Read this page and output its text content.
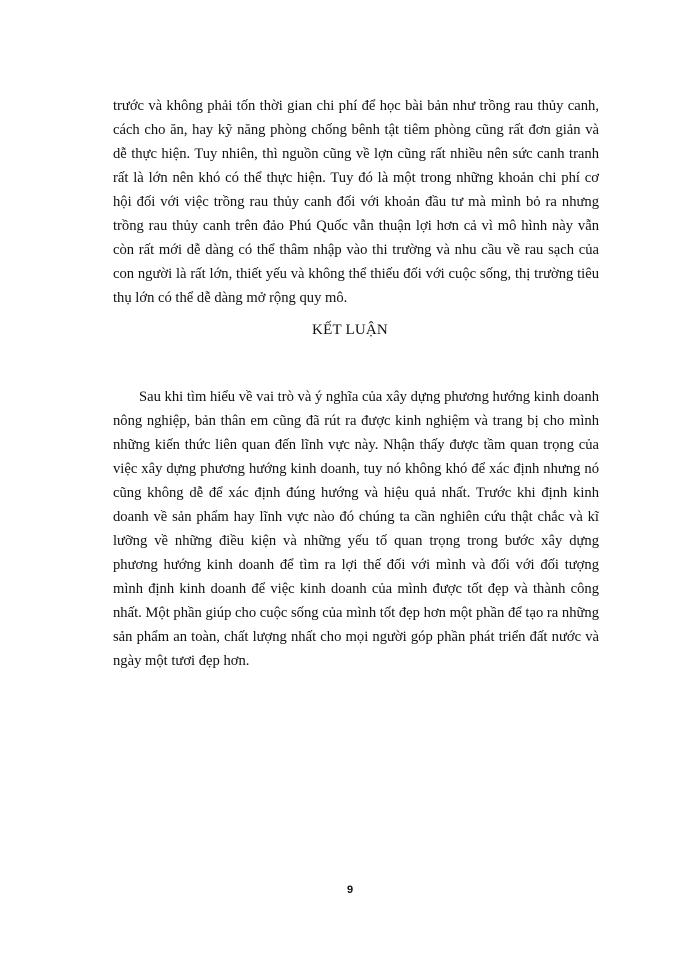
trước và không phải tốn thời gian chi phí để học bài bản như trồng rau thủy canh, cách cho ăn, hay kỹ năng phòng chống bênh tật tiêm phòng cũng rất đơn giản và dễ thực hiện. Tuy nhiên, thì nguồn cũng về lợn cũng rất nhiều nên sức canh tranh rất là lớn nên khó có thể thực hiện. Tuy đó là một trong những khoản chi phí cơ hội đối với việc trồng rau thủy canh đối với khoản đầu tư mà mình bỏ ra nhưng trồng rau thủy canh trên đảo Phú Quốc vẫn thuận lợi hơn cả vì mô hình này vẫn còn rất mới dễ dàng có thể thâm nhập vào thi trường và nhu cầu về rau sạch của con người là rất lớn, thiết yếu và không thể thiếu đối với cuộc sống, thị trường tiêu thụ lớn có thể dễ dàng mở rộng quy mô.

KẾT LUẬN

Sau khi tìm hiểu về vai trò và ý nghĩa của xây dựng phương hướng kinh doanh nông nghiệp, bản thân em cũng đã rút ra được kinh nghiệm và trang bị cho mình những kiến thức liên quan đến lĩnh vực này. Nhận thấy được tầm quan trọng của việc xây dựng phương hướng kinh doanh, tuy nó không khó để xác định nhưng nó cũng không dễ để xác định đúng hướng và hiệu quả nhất. Trước khi định kinh doanh về sản phẩm hay lĩnh vực nào đó chúng ta cần nghiên cứu thật chắc và kĩ lưỡng về những điều kiện và những yếu tố quan trọng trong bước xây dựng phương hướng kinh doanh để tìm ra lợi thế đối với mình và đối với đối tượng mình định kinh doanh để việc kinh doanh của mình được tốt đẹp và thành công nhất. Một phần giúp cho cuộc sống của mình tốt đẹp hơn một phần để tạo ra những sản phẩm an toàn, chất lượng nhất cho mọi người góp phần phát triển đất nước và ngày một tươi đẹp hơn.

9
